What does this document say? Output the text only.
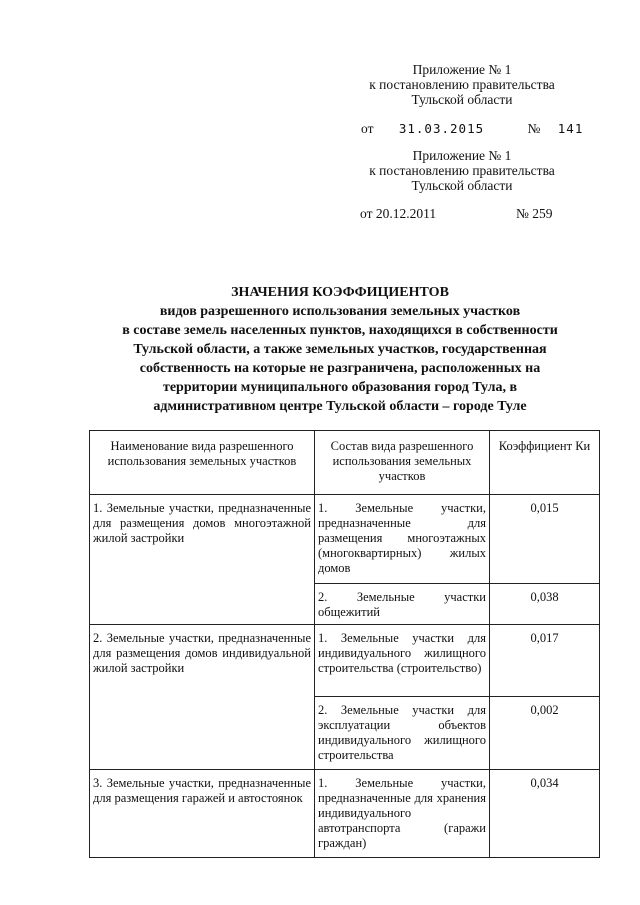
Приложение № 1
к постановлению правительства
Тульской области
от 31.03.2015	№ 141
Приложение № 1
к постановлению правительства
Тульской области
от 20.12.2011	№ 259
ЗНАЧЕНИЯ КОЭФФИЦИЕНТОВ
видов разрешенного использования земельных участков
в составе земель населенных пунктов, находящихся в собственности
Тульской области, а также земельных участков, государственная
собственность на которые не разграничена, расположенных на
территории муниципального образования город Тула, в
административном центре Тульской области – городе Туле
Наименование вида разрешенного использования земельных участков	Состав вида разрешенного использования земельных участков	Коэффициент Ки
1. Земельные участки, предназначенные для размещения домов многоэтажной жилой застройки	1. Земельные участки, предназначенные для размещения многоэтажных (многоквартирных) жилых домов	0,015
	2. Земельные участки общежитий	0,038
2. Земельные участки, предназначенные для размещения домов индивидуальной жилой застройки	1. Земельные участки для индивидуального жилищного строительства (строительство)	0,017
	2. Земельные участки для эксплуатации объектов индивидуального жилищного строительства	0,002
3. Земельные участки, предназначенные для размещения гаражей и автостоянок	1. Земельные участки, предназначенные для хранения индивидуального автотранспорта (гаражи граждан)	0,034
